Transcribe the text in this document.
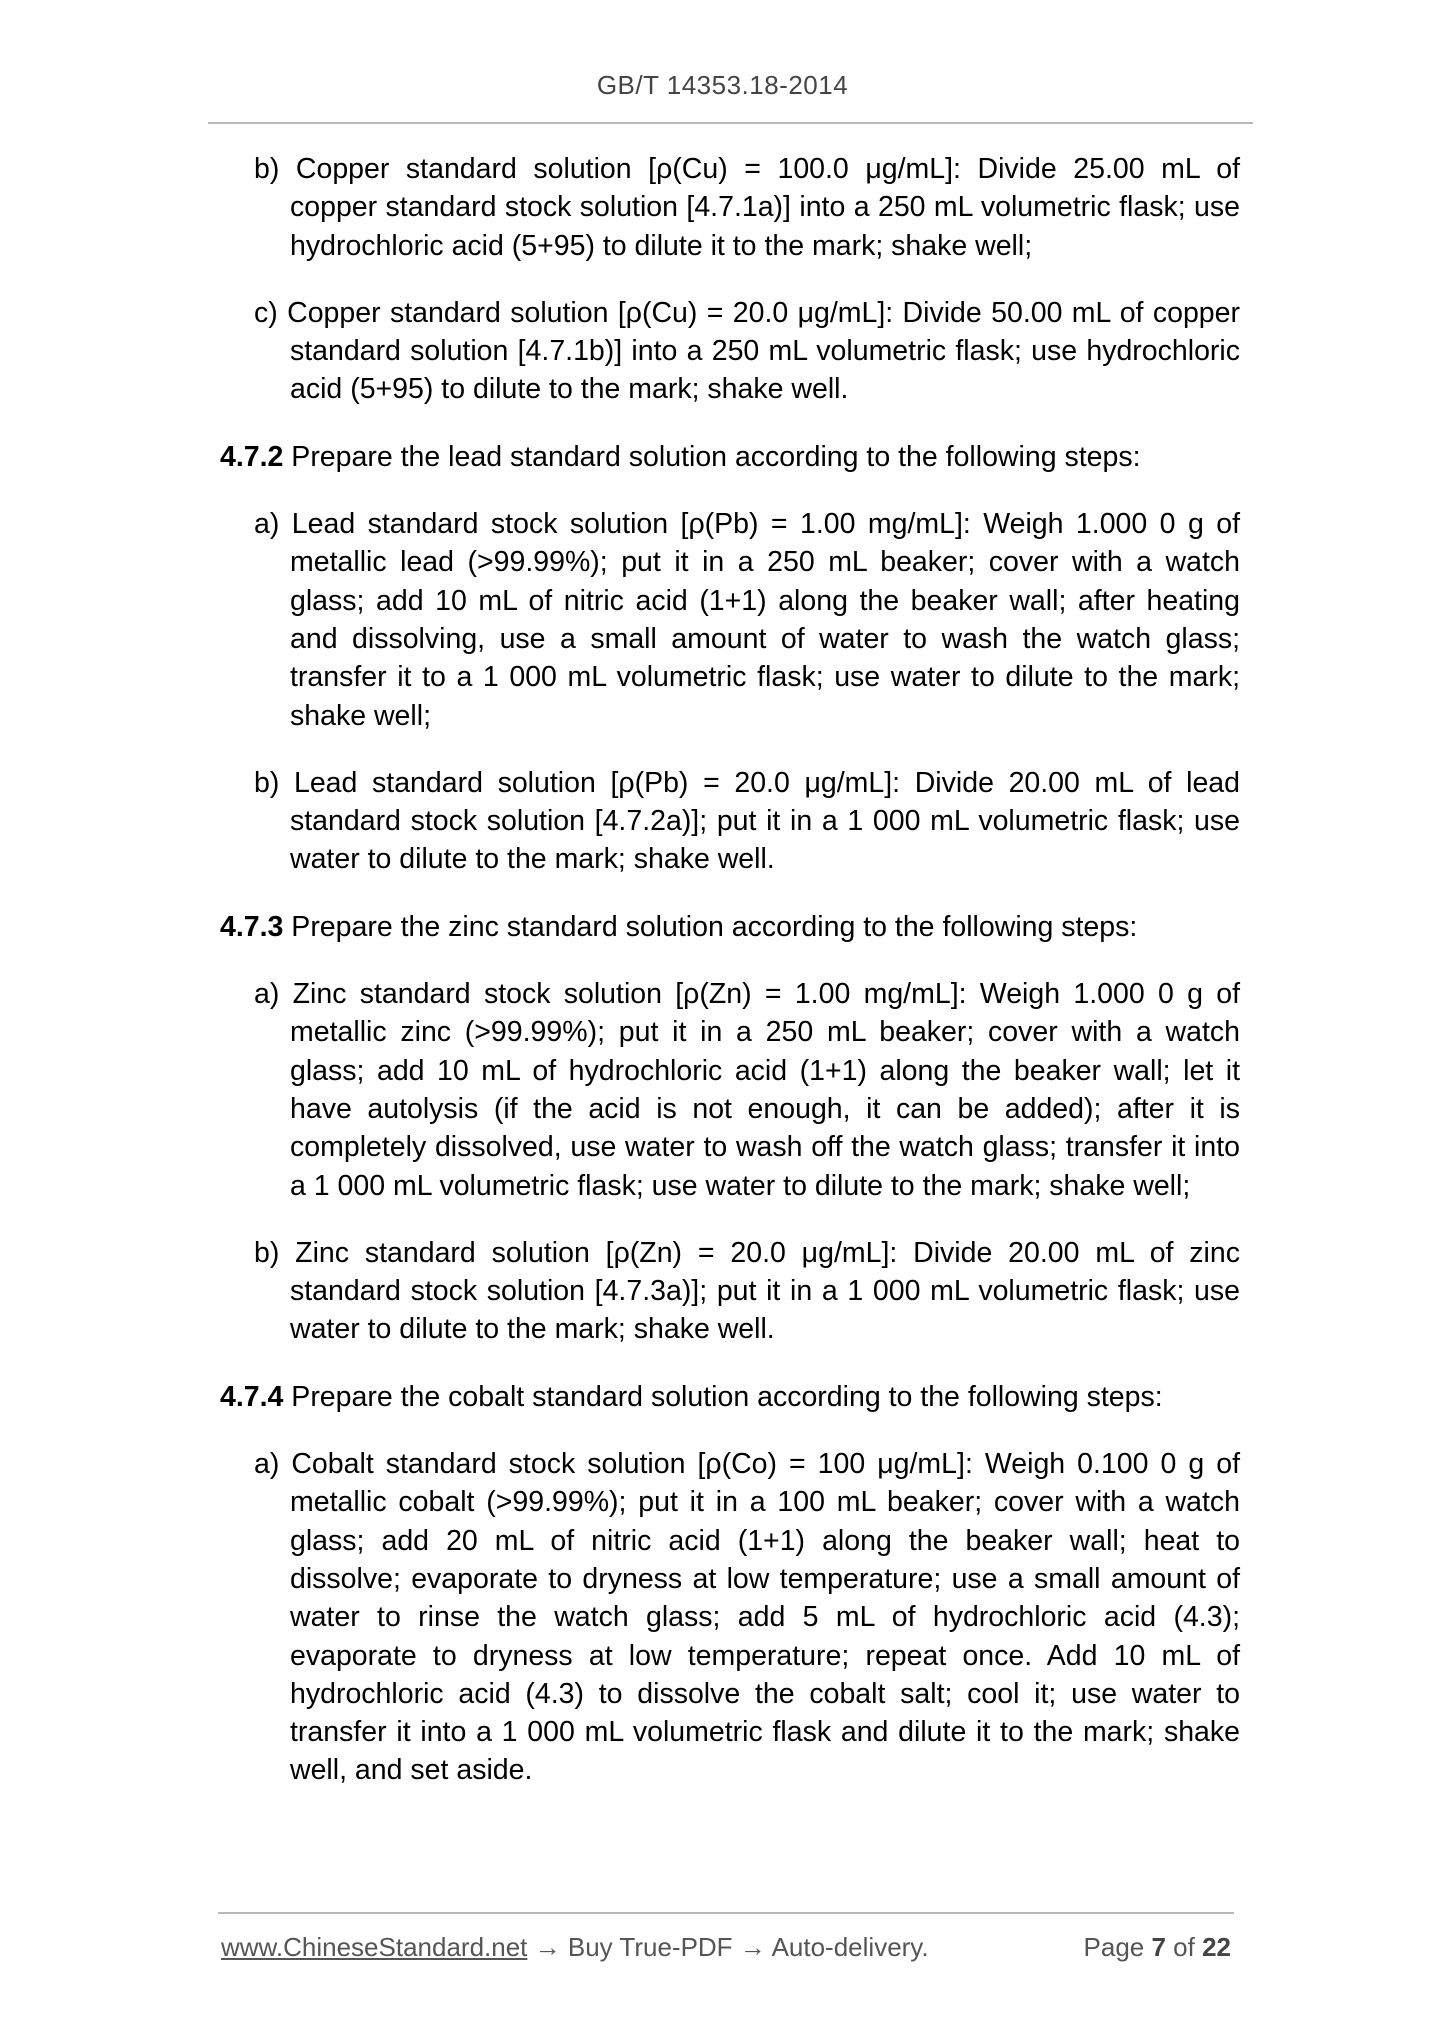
GB/T 14353.18-2014

b) Copper standard solution [ρ(Cu) = 100.0 μg/mL]: Divide 25.00 mL of copper standard stock solution [4.7.1a)] into a 250 mL volumetric flask; use hydrochloric acid (5+95) to dilute it to the mark; shake well;

c) Copper standard solution [ρ(Cu) = 20.0 μg/mL]: Divide 50.00 mL of copper standard solution [4.7.1b)] into a 250 mL volumetric flask; use hydrochloric acid (5+95) to dilute to the mark; shake well.

4.7.2 Prepare the lead standard solution according to the following steps:

a) Lead standard stock solution [ρ(Pb) = 1.00 mg/mL]: Weigh 1.000 0 g of metallic lead (>99.99%); put it in a 250 mL beaker; cover with a watch glass; add 10 mL of nitric acid (1+1) along the beaker wall; after heating and dissolving, use a small amount of water to wash the watch glass; transfer it to a 1 000 mL volumetric flask; use water to dilute to the mark; shake well;

b) Lead standard solution [ρ(Pb) = 20.0 μg/mL]: Divide 20.00 mL of lead standard stock solution [4.7.2a)]; put it in a 1 000 mL volumetric flask; use water to dilute to the mark; shake well.

4.7.3 Prepare the zinc standard solution according to the following steps:

a) Zinc standard stock solution [ρ(Zn) = 1.00 mg/mL]: Weigh 1.000 0 g of metallic zinc (>99.99%); put it in a 250 mL beaker; cover with a watch glass; add 10 mL of hydrochloric acid (1+1) along the beaker wall; let it have autolysis (if the acid is not enough, it can be added); after it is completely dissolved, use water to wash off the watch glass; transfer it into a 1 000 mL volumetric flask; use water to dilute to the mark; shake well;

b) Zinc standard solution [ρ(Zn) = 20.0 μg/mL]: Divide 20.00 mL of zinc standard stock solution [4.7.3a)]; put it in a 1 000 mL volumetric flask; use water to dilute to the mark; shake well.

4.7.4 Prepare the cobalt standard solution according to the following steps:

a) Cobalt standard stock solution [ρ(Co) = 100 μg/mL]: Weigh 0.100 0 g of metallic cobalt (>99.99%); put it in a 100 mL beaker; cover with a watch glass; add 20 mL of nitric acid (1+1) along the beaker wall; heat to dissolve; evaporate to dryness at low temperature; use a small amount of water to rinse the watch glass; add 5 mL of hydrochloric acid (4.3); evaporate to dryness at low temperature; repeat once. Add 10 mL of hydrochloric acid (4.3) to dissolve the cobalt salt; cool it; use water to transfer it into a 1 000 mL volumetric flask and dilute it to the mark; shake well, and set aside.

www.ChineseStandard.net → Buy True-PDF → Auto-delivery.	Page 7 of 22
